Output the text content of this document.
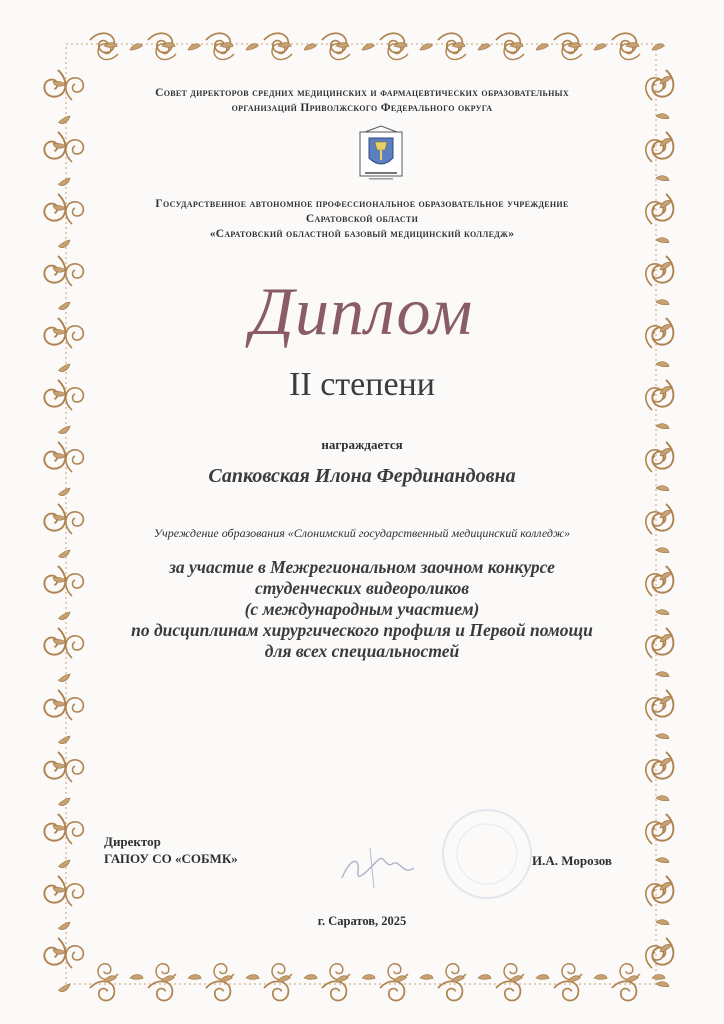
Совет директоров средних медицинских и фармацевтических образовательных
организаций Приволжского Федерального округа
Государственное автономное профессиональное образовательное учреждение
Саратовской области
«Саратовский областной базовый медицинский колледж»
Диплом
II степени
награждается
Сапковская Илона Фердинандовна
Учреждение образования «Слонимский государственный медицинский колледж»
за участие в Межрегиональном заочном конкурсе
студенческих видеороликов
(с международным участием)
по дисциплинам хирургического профиля и Первой помощи
для всех специальностей
Директор
ГАПОУ СО «СОБМК»	И.А. Морозов
г. Саратов, 2025
